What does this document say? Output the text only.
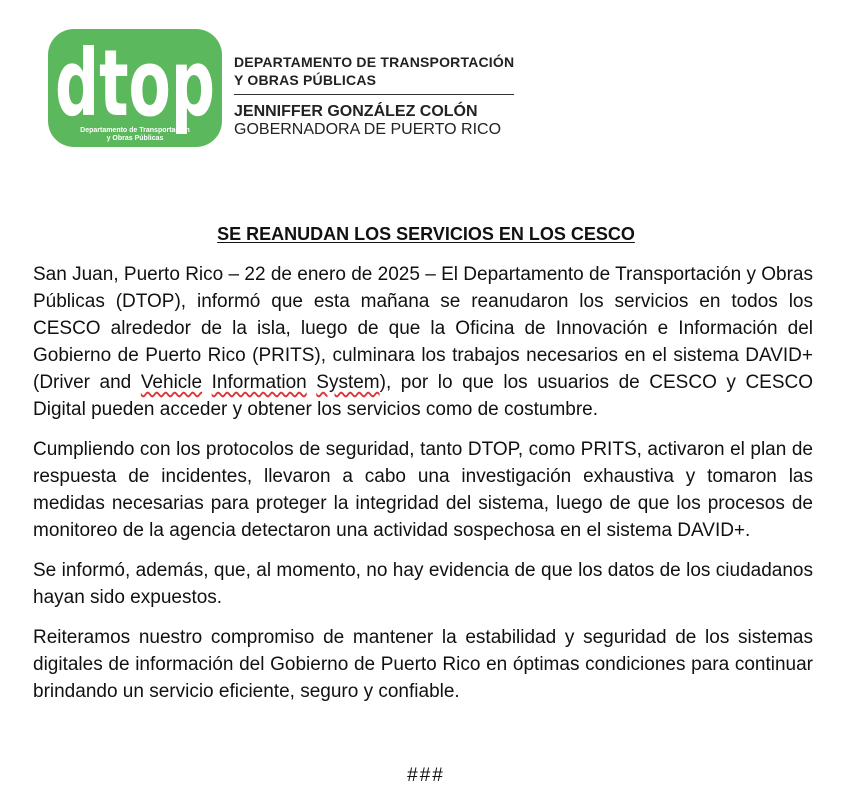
dtop
Departamento de Transportación
y Obras Públicas
DEPARTAMENTO DE TRANSPORTACIÓN
Y OBRAS PÚBLICAS
JENNIFFER GONZÁLEZ COLÓN
GOBERNADORA DE PUERTO RICO
SE REANUDAN LOS SERVICIOS EN LOS CESCO

San Juan, Puerto Rico – 22 de enero de 2025 – El Departamento de Transportación y Obras Públicas (DTOP), informó que esta mañana se reanudaron los servicios en todos los CESCO alrededor de la isla, luego de que la Oficina de Innovación e Información del Gobierno de Puerto Rico (PRITS), culminara los trabajos necesarios en el sistema DAVID+ (Driver and Vehicle Information System), por lo que los usuarios de CESCO y CESCO Digital pueden acceder y obtener los servicios como de costumbre.

Cumpliendo con los protocolos de seguridad, tanto DTOP, como PRITS, activaron el plan de respuesta de incidentes, llevaron a cabo una investigación exhaustiva y tomaron las medidas necesarias para proteger la integridad del sistema, luego de que los procesos de monitoreo de la agencia detectaron una actividad sospechosa en el sistema DAVID+.

Se informó, además, que, al momento, no hay evidencia de que los datos de los ciudadanos hayan sido expuestos.

Reiteramos nuestro compromiso de mantener la estabilidad y seguridad de los sistemas digitales de información del Gobierno de Puerto Rico en óptimas condiciones para continuar brindando un servicio eficiente, seguro y confiable.

###
